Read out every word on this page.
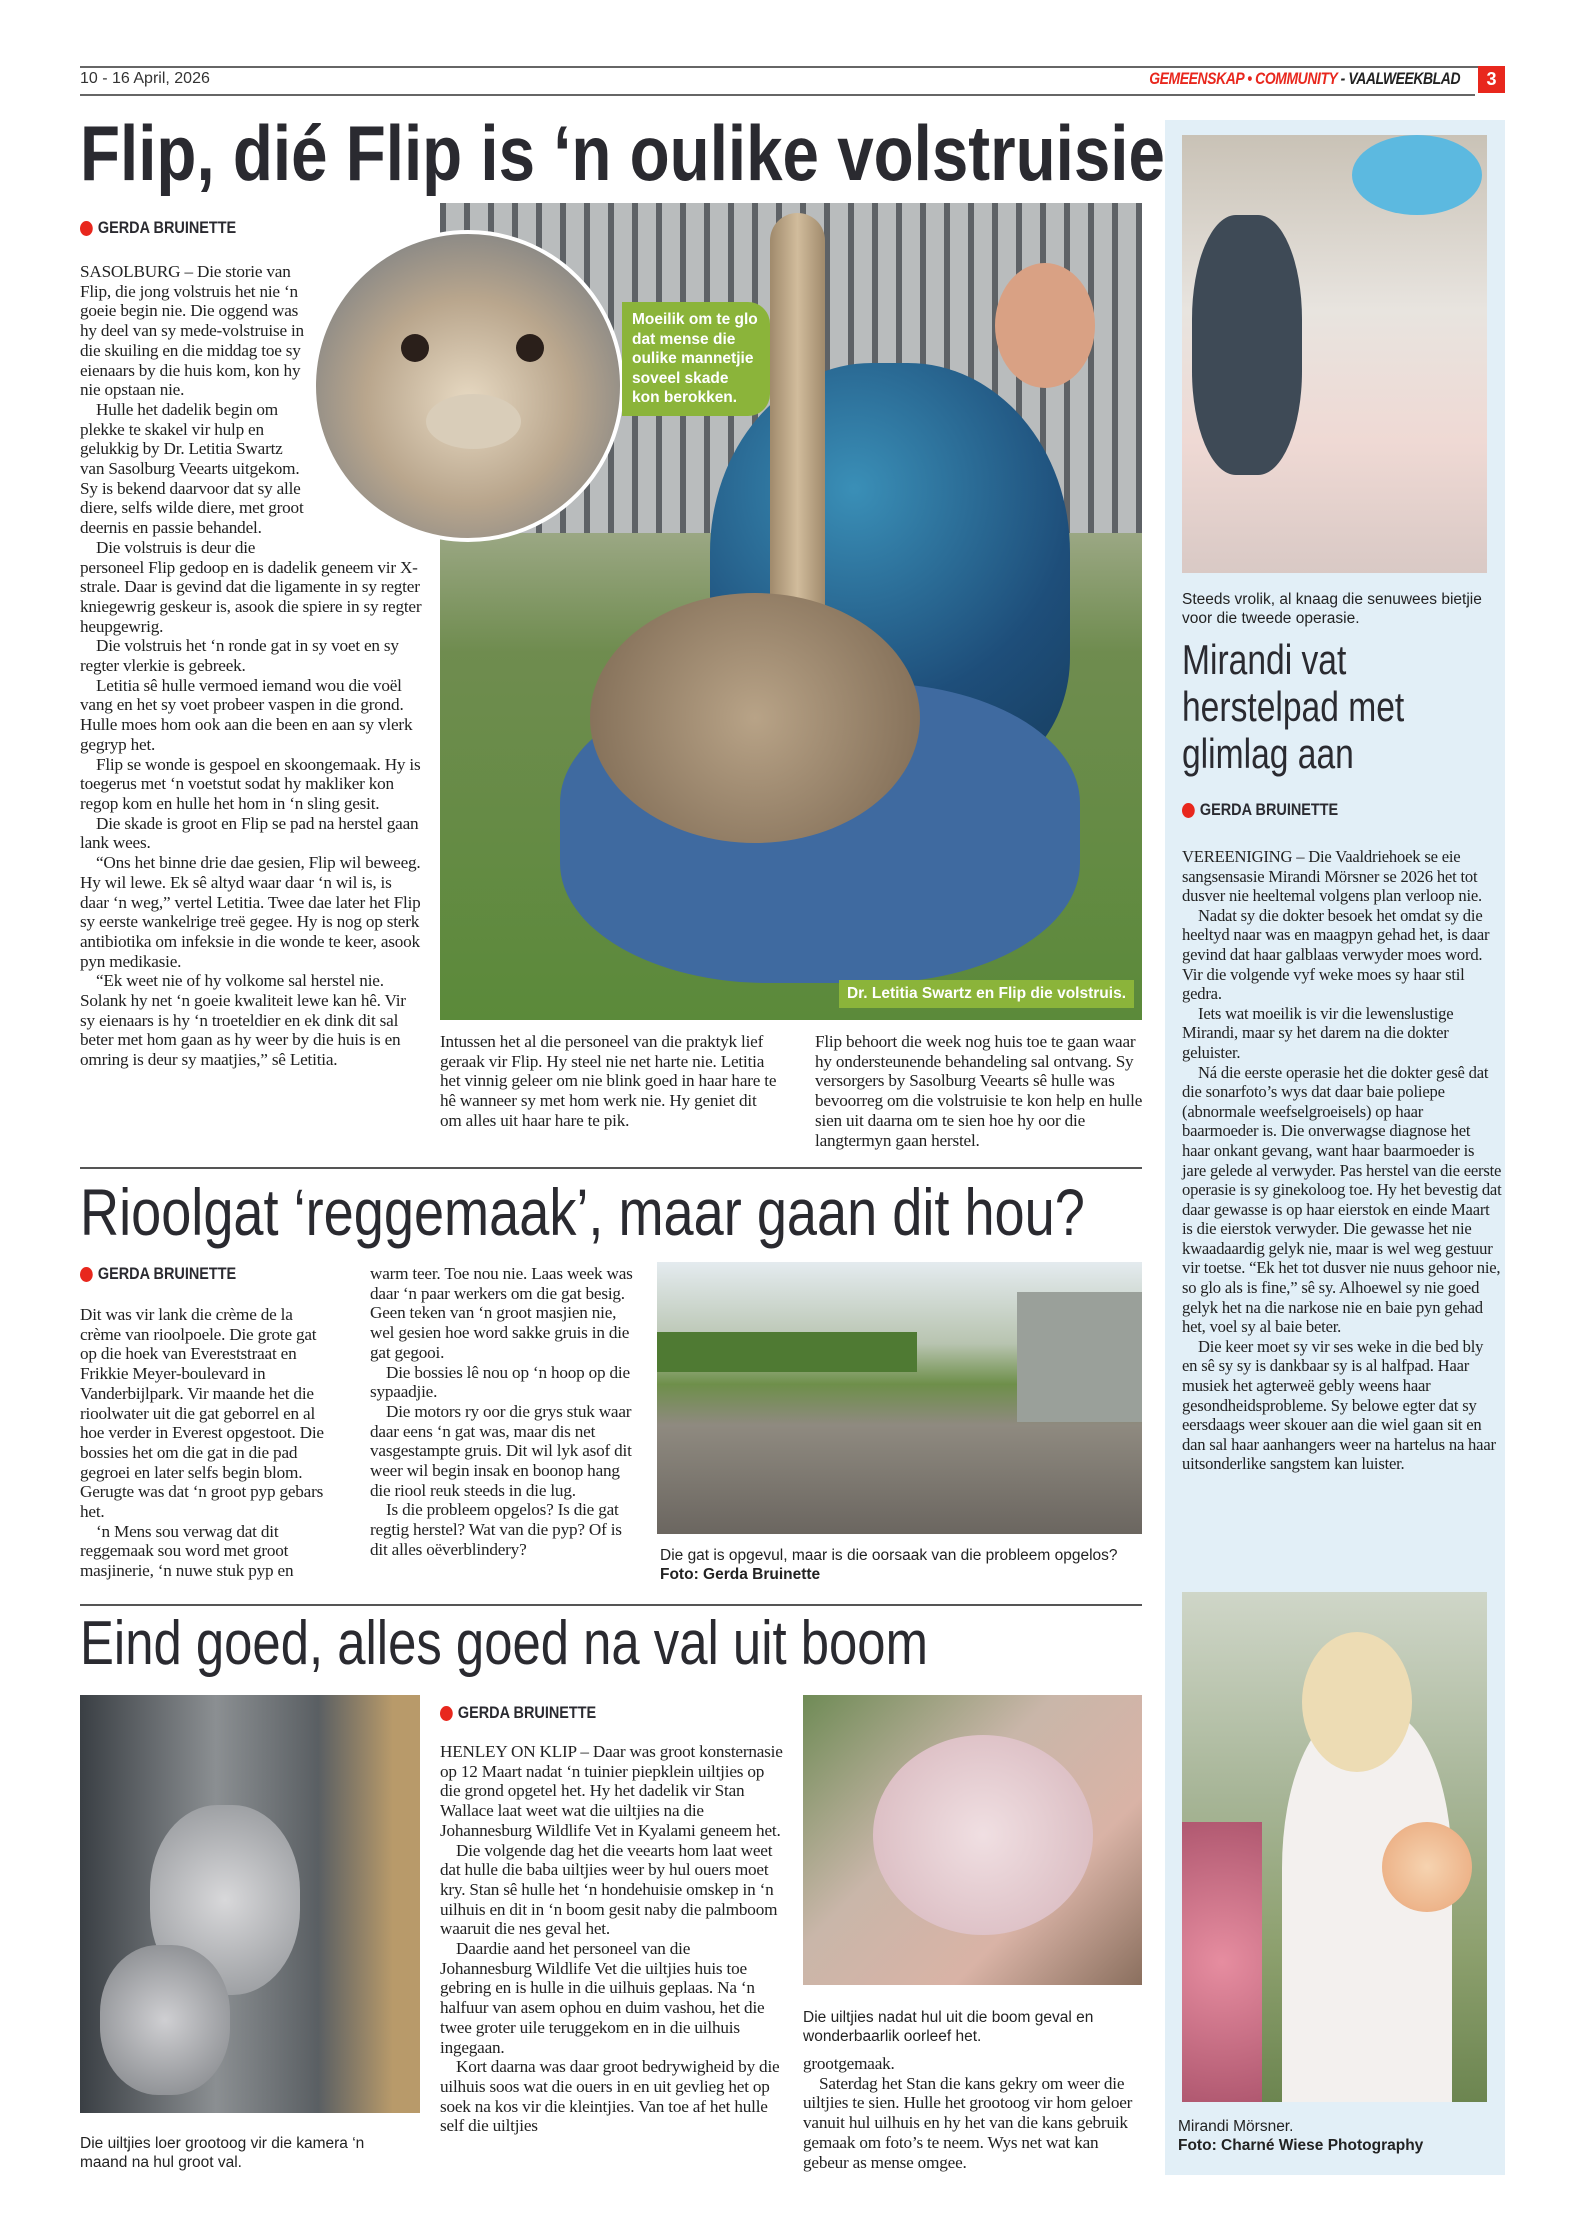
10 - 16 April, 2026	GEMEENSKAP • COMMUNITY - VAALWEEKBLAD	3
Flip, dié Flip is ‘n oulike volstruisie
GERDA BRUINETTE

SASOLBURG – Die storie van Flip, die jong volstruis het nie ‘n goeie begin nie. Die oggend was hy deel van sy mede-volstruise in die skuiling en die middag toe sy eienaars by die huis kom, kon hy nie opstaan nie.

Hulle het dadelik begin om plekke te skakel vir hulp en gelukkig by Dr. Letitia Swartz van Sasolburg Veearts uitgekom. Sy is bekend daarvoor dat sy alle diere, selfs wilde diere, met groot deernis en passie behandel.

Die volstruis is deur die personeel Flip gedoop en is dadelik geneem vir X-strale. Daar is gevind dat die ligamente in sy regter kniegewrig geskeur is, asook die spiere in sy regter heupgewrig.

Die volstruis het ‘n ronde gat in sy voet en sy regter vlerkie is gebreek.

Letitia sê hulle vermoed iemand wou die voël vang en het sy voet probeer vaspen in die grond. Hulle moes hom ook aan die been en aan sy vlerk gegryp het.

Flip se wonde is gespoel en skoongemaak. Hy is toegerus met ‘n voetstut sodat hy makliker kon regop kom en hulle het hom in ‘n sling gesit.

Die skade is groot en Flip se pad na herstel gaan lank wees.

“Ons het binne drie dae gesien, Flip wil beweeg. Hy wil lewe. Ek sê altyd waar daar ‘n wil is, is daar ‘n weg,” vertel Letitia. Twee dae later het Flip sy eerste wankelrige treë gegee. Hy is nog op sterk antibiotika om infeksie in die wonde te keer, asook pyn medikasie.

“Ek weet nie of hy volkome sal herstel nie. Solank hy net ‘n goeie kwaliteit lewe kan hê. Vir sy eienaars is hy ‘n troeteldier en ek dink dit sal beter met hom gaan as hy weer by die huis is en omring is deur sy maatjies,” sê Letitia.

Dr. Letitia Swartz en Flip die volstruis.
Moeilik om te glo dat mense die oulike mannetjie soveel skade kon berokken.

Intussen het al die personeel van die praktyk lief geraak vir Flip. Hy steel nie net harte nie. Letitia het vinnig geleer om nie blink goed in haar hare te hê wanneer sy met hom werk nie. Hy geniet dit om alles uit haar hare te pik.

Flip behoort die week nog huis toe te gaan waar hy ondersteunende behandeling sal ontvang. Sy versorgers by Sasolburg Veearts sê hulle was bevoorreg om die volstruisie te kon help en hulle sien uit daarna om te sien hoe hy oor die langtermyn gaan herstel.

Rioolgat ‘reggemaak’, maar gaan dit hou?
GERDA BRUINETTE

Dit was vir lank die crème de la crème van rioolpoele. Die grote gat op die hoek van Evereststraat en Frikkie Meyer-boulevard in Vanderbijlpark. Vir maande het die rioolwater uit die gat geborrel en al hoe verder in Everest opgestoot. Die bossies het om die gat in die pad gegroei en later selfs begin blom. Gerugte was dat ‘n groot pyp gebars het.

‘n Mens sou verwag dat dit reggemaak sou word met groot masjinerie, ‘n nuwe stuk pyp en

warm teer. Toe nou nie. Laas week was daar ‘n paar werkers om die gat besig. Geen teken van ‘n groot masjien nie, wel gesien hoe word sakke gruis in die gat gegooi.

Die bossies lê nou op ‘n hoop op die sypaadjie.

Die motors ry oor die grys stuk waar daar eens ‘n gat was, maar dis net vasgestampte gruis. Dit wil lyk asof dit weer wil begin insak en boonop hang die riool reuk steeds in die lug.

Is die probleem opgelos? Is die gat regtig herstel? Wat van die pyp? Of is dit alles oëverblindery?	Die gat is opgevul, maar is die oorsaak van die probleem opgelos? Foto: Gerda Bruinette
Eind goed, alles goed na val uit boom
Die uiltjies loer grootoog vir die kamera ‘n maand na hul groot val.
GERDA BRUINETTE

HENLEY ON KLIP – Daar was groot konsternasie op 12 Maart nadat ‘n tuinier piepklein uiltjies op die grond opgetel het. Hy het dadelik vir Stan Wallace laat weet wat die uiltjies na die Johannesburg Wildlife Vet in Kyalami geneem het.

Die volgende dag het die veearts hom laat weet dat hulle die baba uiltjies weer by hul ouers moet kry. Stan sê hulle het ‘n hondehuisie omskep in ‘n uilhuis en dit in ‘n boom gesit naby die palmboom waaruit die nes geval het.

Daardie aand het personeel van die Johannesburg Wildlife Vet die uiltjies huis toe gebring en is hulle in die uilhuis geplaas. Na ‘n halfuur van asem ophou en duim vashou, het die twee groter uile teruggekom en in die uilhuis ingegaan.

Kort daarna was daar groot bedrywigheid by die uilhuis soos wat die ouers in en uit gevlieg het op soek na kos vir die kleintjies. Van toe af het hulle self die uiltjies

Die uiltjies nadat hul uit die boom geval en wonderbaarlik oorleef het.

grootgemaak.

Saterdag het Stan die kans gekry om weer die uiltjies te sien. Hulle het grootoog vir hom geloer vanuit hul uilhuis en hy het van die kans gebruik gemaak om foto’s te neem. Wys net wat kan gebeur as mense omgee.

Steeds vrolik, al knaag die senuwees bietjie voor die tweede operasie.
Mirandi vat herstelpad met glimlag aan
GERDA BRUINETTE

VEREENIGING – Die Vaaldriehoek se eie sangsensasie Mirandi Mörsner se 2026 het tot dusver nie heeltemal volgens plan verloop nie.

Nadat sy die dokter besoek het omdat sy die heeltyd naar was en maagpyn gehad het, is daar gevind dat haar galblaas verwyder moes word. Vir die volgende vyf weke moes sy haar stil gedra.

Iets wat moeilik is vir die lewenslustige Mirandi, maar sy het darem na die dokter geluister.

Ná die eerste operasie het die dokter gesê dat die sonarfoto’s wys dat daar baie poliepe (abnormale weefselgroeisels) op haar baarmoeder is. Die onverwagse diagnose het haar onkant gevang, want haar baarmoeder is jare gelede al verwyder. Pas herstel van die eerste operasie is sy ginekoloog toe. Hy het bevestig dat daar gewasse is op haar eierstok en einde Maart is die eierstok verwyder. Die gewasse het nie kwaadaardig gelyk nie, maar is wel weg gestuur vir toetse. “Ek het tot dusver nie nuus gehoor nie, so glo als is fine,” sê sy. Alhoewel sy nie goed gelyk het na die narkose nie en baie pyn gehad het, voel sy al baie beter.

Die keer moet sy vir ses weke in die bed bly en sê sy sy is dankbaar sy is al halfpad. Haar musiek het agterweë gebly weens haar gesondheidsprobleme. Sy belowe egter dat sy eersdaags weer skouer aan die wiel gaan sit en dan sal haar aanhangers weer na hartelus na haar uitsonderlike sangstem kan luister.

Mirandi Mörsner.
Foto: Charné Wiese Photography
